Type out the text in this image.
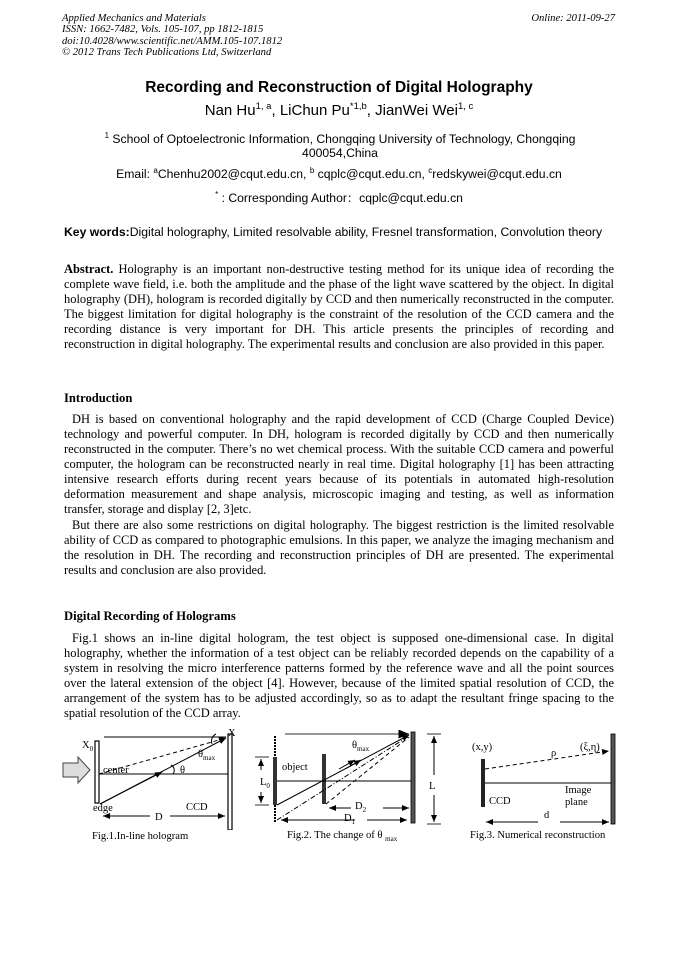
Applied Mechanics and Materials
ISSN: 1662-7482, Vols. 105-107, pp 1812-1815
doi:10.4028/www.scientific.net/AMM.105-107.1812
© 2012 Trans Tech Publications Ltd, Switzerland
Online: 2011-09-27
Recording and Reconstruction of Digital Holography
Nan Hu$^{1, a}$, LiChun Pu$^{*1,b}$, JianWei Wei$^{1, c}$
$^1$ School of Optoelectronic Information, Chongqing University of Technology, Chongqing
400054,China
Email: $^a$Chenhu2002@cqut.edu.cn, $^b$ cqplc@cqut.edu.cn, $^c$redskywei@cqut.edu.cn
* : Corresponding Author：cqplc@cqut.edu.cn
Key words:Digital holography, Limited resolvable ability, Fresnel transformation, Convolution theory
Abstract. Holography is an important non-destructive testing method for its unique idea of recording the complete wave field, i.e. both the amplitude and the phase of the light wave scattered by the object. In digital holography (DH), hologram is recorded digitally by CCD and then numerically reconstructed in the computer. The biggest limitation for digital holography is the constraint of the resolution of the CCD camera and the recording distance is very important for DH. This article presents the principles of recording and reconstruction in digital holography. The experimental results and conclusion are also provided in this paper.
Introduction
DH is based on conventional holography and the rapid development of CCD (Charge Coupled Device) technology and powerful computer. In DH, hologram is recorded digitally by CCD and then numerically reconstructed in the computer. There’s no wet chemical process. With the suitable CCD camera and powerful computer, the hologram can be reconstructed nearly in real time. Digital holography [1] has been attracting intensive research efforts during recent years because of its potentials in automated high-resolution deformation measurement and shape analysis, microscopic imaging and testing, as well as information transfer, storage and display [2, 3]etc.
But there are also some restrictions on digital holography. The biggest restriction is the limited resolvable ability of CCD as compared to photographic emulsions. In this paper, we analyze the imaging mechanism and the resolution in DH. The recording and reconstruction principles of DH are presented. The experimental results and conclusion are also provided.
Digital Recording of Holograms
Fig.1 shows an in-line digital hologram, the test object is supposed one-dimensional case. In digital holography, whether the information of a test object can be reliably recorded depends on the capability of a system in resolving the micro interference patterns formed by the reference wave and all the point sources over the lateral extension of the object [4]. However, because of the limited spatial resolution of CCD, the arrangement of the system has to be adjusted accordingly, so as to adapt the resultant fringe spacing to the spatial resolution of the CCD array.
$X_0$
X
$\theta_{max}$
θ
center
edge
D
CCD
Fig.1.In-line hologram
$\theta_{max}$
object
$L_0$	L
$D_2$
$D_1$
Fig.2. The change of θ $_{max}$
(x,y)
ρ
(ξ,η)
CCD
Image
plane
d
Fig.3. Numerical reconstruction
